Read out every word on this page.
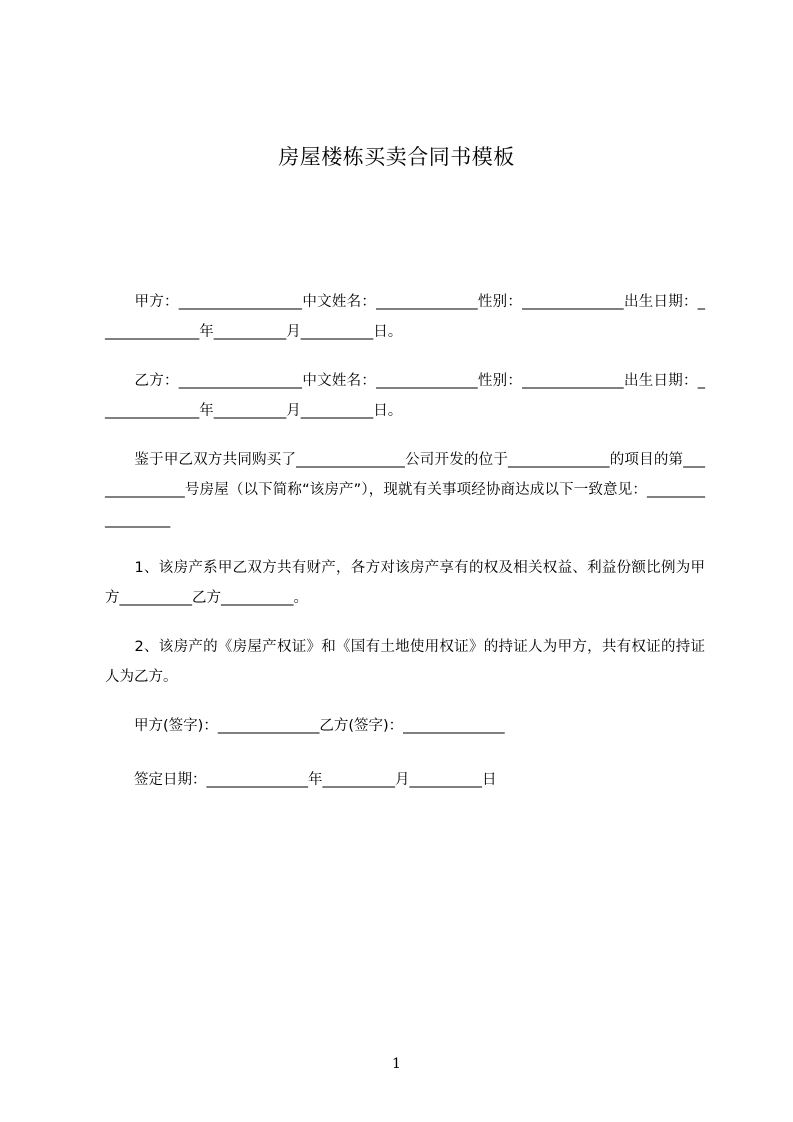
房屋楼栋买卖合同书模板
　　甲方：_________________中文姓名：______________性别：______________出生日期：______________年__________月__________日。
　　乙方：_________________中文姓名：______________性别：______________出生日期：______________年__________月__________日。
　　鉴于甲乙双方共同购买了_______________公司开发的位于______________的项目的第______________号房屋（以下简称“该房产”），现就有关事项经协商达成以下一致意见：_________________
　　1、该房产系甲乙双方共有财产，各方对该房产享有的权及相关权益、利益份额比例为甲方__________乙方__________。
　　2、该房产的《房屋产权证》和《国有土地使用权证》的持证人为甲方，共有权证的持证人为乙方。
　　甲方(签字)：______________乙方(签字)：______________
　　签定日期：______________年__________月__________日
1
